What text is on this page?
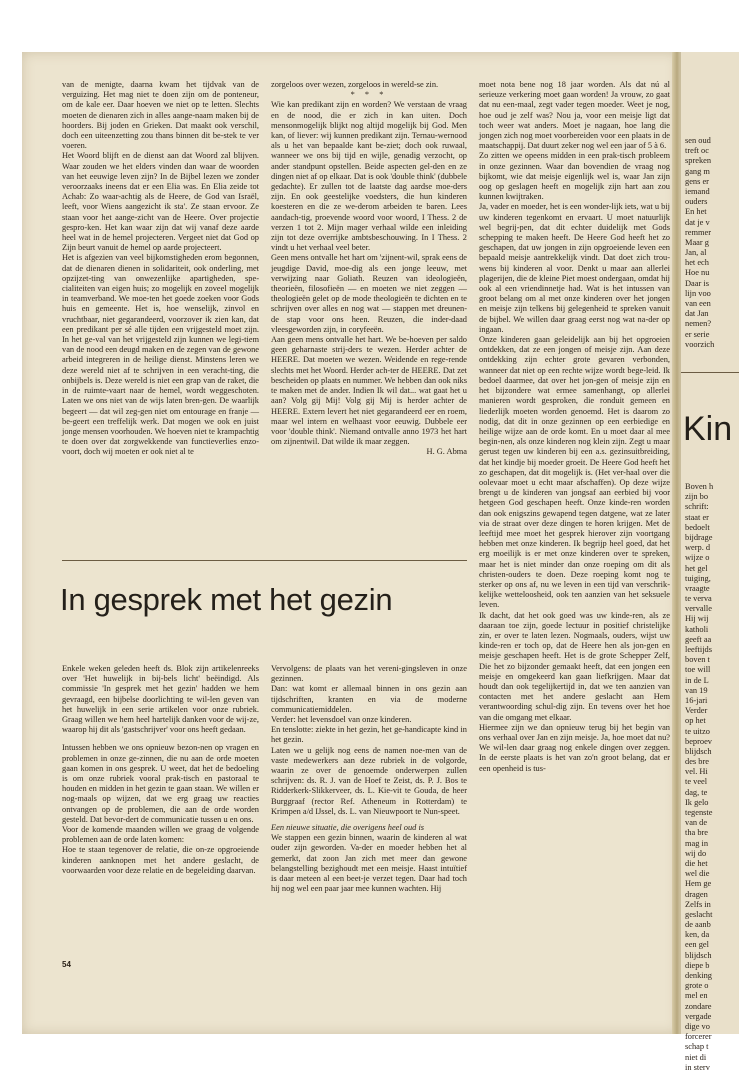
van de menigte, daarna kwam het tijdvak van de verguizing. Het mag niet te doen zijn om de ponteneur, om de kale eer. Daar hoeven we niet op te letten. Slechts moeten de dienaren zich in alles aange-naam maken bij de hoorders. Bij joden en Grieken. Dat maakt ook verschil, doch een uiteenzetting zou thans binnen dit be-stek te ver voeren.

Het Woord blijft en de dienst aan dat Woord zal blijven. Waar zouden we het elders vinden dan waar de woorden van het eeuwige leven zijn? In de Bijbel lezen we zonder veroorzaaks ineens dat er een Elia was. En Elia zeide tot Achab: Zo waar-achtig als de Heere, de God van Israël, leeft, voor Wiens aangezicht ik sta'. Ze staan ervoor. Ze staan voor het aange-zicht van de Heere. Over projectie gespro-ken. Het kan waar zijn dat wij vanaf deze aarde heel wat in de hemel projecteren. Vergeet niet dat God op Zijn beurt vanuit de hemel op aarde projecteert.

Het is afgezien van veel bijkomstigheden erom begonnen, dat de dienaren dienen in solidariteit, ook onderling, met opzijzet-ting van onwezenlijke apartigheden, spe-cialiteiten van eigen huis; zo mogelijk en zoveel mogelijk in teamverband. We moe-ten het goede zoeken voor Gods huis en gemeente. Het is, hoe wenselijk, zinvol en vruchtbaar, niet gegarandeerd, voorzover ik zien kan, dat een predikant per sé alle tijden een vrijgesteld moet zijn. In het ge-val van het vrijgesteld zijn kunnen we legi-tiem van de nood een deugd maken en de zegen van de gewone arbeid integreren in de heilige dienst. Minstens leren we deze wereld niet af te schrijven in een veracht-ting, die onbijbels is. Deze wereld is niet een grap van de raket, die in de ruimte-vaart naar de hemel, wordt weggeschoten. Laten we ons niet van de wijs laten bren-gen. De waarlijk begeert — dat wil zeg-gen niet om entourage en franje — be-geert een treffelijk werk. Dat mogen we ook en juist jonge mensen voorhouden. We hoeven niet te krampachtig te doen over dat zorgwekkende van functieverlies enzo-voort, doch wij moeten er ook niet al te

zorgeloos over wezen, zorgeloos in wereld-se zin.

* * *

Wie kan predikant zijn en worden? We verstaan de vraag en de nood, die er zich in kan uiten. Doch mensonmogelijk blijkt nog altijd mogelijk bij God. Men kan, of liever: wij kunnen predikant zijn. Ternau-wernood als u het van bepaalde kant be-ziet; doch ook ruwaal, wanneer we ons bij tijd en wijle, genadig verzocht, op ander standpunt opstellen. Beide aspecten gel-den en ze dingen niet af op elkaar. Dat is ook 'double think' (dubbele gedachte). Er zullen tot de laatste dag aardse moe-ders zijn. En ook geestelijke voedsters, die hun kinderen koesteren en die ze we-derom arbeiden te baren. Lees aandach-tig, proevende woord voor woord, I Thess. 2 de verzen 1 tot 2. Mijn mager verhaal wilde een inleiding zijn tot deze overrijke ambtsbeschouwing. In I Thess. 2 vindt u het verhaal veel beter.

Geen mens ontvalle het hart om 'zijnent-wil, sprak eens de jeugdige David, moe-dig als een jonge leeuw, met verwijzing naar Goliath. Reuzen van ideologieën, theorieën, filosofieën — en moeten we niet zeggen — theologieën gelet op de mode theologieën te dichten en te schrijven over alles en nog wat — stappen met dreunen-de stap voor ons heen. Reuzen, die inder-daad vleesgeworden zijn, in coryfeeën.

Aan geen mens ontvalle het hart. We be-hoeven per saldo geen geharnaste strij-ders te wezen. Herder achter de HEERE. Dat moeten we wezen. Weidende en rege-rende slechts met het Woord. Herder ach-ter de HEERE. Dat zet bescheiden op plaats en nummer. We hebben dan ook niks te maken met de ander. Indien Ik wil dat... wat gaat het u aan? Volg gij Mij! Volg gij Mij is herder achter de HEERE. Extern levert het niet gegarandeerd eer en roem, maar wel intern en welhaast voor eeuwig. Dubbele eer voor 'double think'. Niemand ontvalle anno 1973 het hart om zijnentwil. Dat wilde ik maar zeggen.

H. G. Abma

In gesprek met het gezin

Enkele weken geleden heeft ds. Blok zijn artikelenreeks over 'Het huwelijk in bij-bels licht' beëindigd. Als commissie 'In gesprek met het gezin' hadden we hem gevraagd, een bijbelse doorlichting te wil-len geven van het huwelijk in een serie artikelen voor onze rubriek. Graag willen we hem heel hartelijk danken voor de wij-ze, waarop hij dit als 'gastschrijver' voor ons heeft gedaan.

Intussen hebben we ons opnieuw bezon-nen op vragen en problemen in onze ge-zinnen, die nu aan de orde moeten gaan komen in ons gesprek. U weet, dat het de bedoeling is om onze rubriek vooral prak-tisch en pastoraal te houden en midden in het gezin te gaan staan. We willen er nog-maals op wijzen, dat we erg graag uw reacties ontvangen op de problemen, die aan de orde worden gesteld. Dat bevor-dert de communicatie tussen u en ons.

Voor de komende maanden willen we graag de volgende problemen aan de orde laten komen:

Hoe te staan tegenover de relatie, die on-ze opgroeiende kinderen aanknopen met het andere geslacht, de voorwaarden voor deze relatie en de begeleiding daarvan.

Vervolgens: de plaats van het vereni-gingsleven in onze gezinnen.

Dan: wat komt er allemaal binnen in ons gezin aan tijdschriften, kranten en via de moderne communicatiemiddelen.

Verder: het levensdoel van onze kinderen.

En tenslotte: ziekte in het gezin, het ge-handicapte kind in het gezin.

Laten we u gelijk nog eens de namen noe-men van de vaste medewerkers aan deze rubriek in de volgorde, waarin ze over de genoemde onderwerpen zullen schrijven: ds. R. J. van de Hoef te Zeist, ds. P. J. Bos te Ridderkerk-Slikkerveer, ds. L. Kie-vit te Gouda, de heer Burggraaf (rector Ref. Atheneum in Rotterdam) te Krimpen a/d IJssel, ds. L. van Nieuwpoort te Nun-speet.

Een nieuwe situatie, die overigens heel oud is

We stappen een gezin binnen, waarin de kinderen al wat ouder zijn geworden. Va-der en moeder hebben het al gemerkt, dat zoon Jan zich met meer dan gewone belangstelling bezighoudt met een meisje. Haast intuïtief is daar meteen al een beet-je verzet tegen. Daar had toch hij nog wel een paar jaar mee kunnen wachten. Hij

moet nota bene nog 18 jaar worden. Als dat nú al serieuze verkering moet gaan worden! Ja vrouw, zo gaat dat nu een-maal, zegt vader tegen moeder. Weet je nog, hoe oud je zelf was? Nou ja, voor een meisje ligt dat toch weer wat anders. Moet je nagaan, hoe lang die jongen zich nog moet voorbereiden voor een plaats in de maatschappij. Dat duurt zeker nog wel een jaar of 5 à 6.

Zo zitten we opeens midden in een prak-tisch probleem in onze gezinnen. Waar dan bovendien de vraag nog bijkomt, wie dat meisje eigenlijk wel is, waar Jan zijn oog op geslagen heeft en mogelijk zijn hart aan zou kunnen kwijtraken.

Ja, vader en moeder, het is een wonder-lijk iets, wat u bij uw kinderen tegenkomt en ervaart. U moet natuurlijk wel begrij-pen, dat dit echter duidelijk met Gods schepping te maken heeft. De Heere God heeft het zo geschapen, dat uw jongen in zijn opgroeiende leven een bepaald meisje aantrekkelijk vindt. Dat doet zich trou-wens bij kinderen al voor. Denkt u maar aan allerlei plagerijen, die de kleine Piet moest ondergaan, omdat hij ook al een vriendinnetje had. Wat is het intussen van groot belang om al met onze kinderen over het jongen en meisje zijn telkens bij gelegenheid te spreken vanuit de bijbel. We willen daar graag eerst nog wat na-der op ingaan.

Onze kinderen gaan geleidelijk aan bij het opgroeien ontdekken, dat ze een jongen of meisje zijn. Aan deze ontdekking zijn echter grote gevaren verbonden, wanneer dat niet op een rechte wijze wordt bege-leid. Ik bedoel daarmee, dat over het jon-gen of meisje zijn en het bijzondere wat ermee samenhangt, op allerlei manieren wordt gesproken, die ronduit gemeen en liederlijk moeten worden genoemd. Het is daarom zo nodig, dat dit in onze gezinnen op een eerbiedige en heilige wijze aan de orde komt. En u moet daar al mee begin-nen, als onze kinderen nog klein zijn. Zegt u maar gerust tegen uw kinderen bij een a.s. gezinsuitbreiding, dat het kindje bij moeder groeit. De Heere God heeft het zo geschapen, dat dit mogelijk is. (Het ver-haal over die oolevaar moet u echt maar afschaffen). Op deze wijze brengt u de kinderen van jongsaf aan eerbied bij voor hetgeen God geschapen heeft. Onze kinde-ren worden dan ook enigszins gewapend tegen datgene, wat ze later via de straat over deze dingen te horen krijgen. Met de leeftijd mee moet het gesprek hierover zijn voortgang hebben met onze kinderen. Ik begrijp heel goed, dat het erg moeilijk is er met onze kinderen over te spreken, maar het is niet minder dan onze roeping om dit als christen-ouders te doen. Deze roeping komt nog te sterker op ons af, nu we leven in een tijd van verschrik-kelijke wetteloosheid, ook ten aanzien van het seksuele leven.

Ik dacht, dat het ook goed was uw kinde-ren, als ze daaraan toe zijn, goede lectuur in positief christelijke zin, er over te laten lezen. Nogmaals, ouders, wijst uw kinde-ren er toch op, dat de Heere hen als jon-gen en meisje geschapen heeft. Het is de grote Schepper Zelf, Die het zo bijzonder gemaakt heeft, dat een jongen een meisje en omgekeerd kan gaan liefkrijgen. Maar dat houdt dan ook tegelijkertijd in, dat we ten aanzien van contacten met het andere geslacht aan Hem verantwoording schul-dig zijn. En tevens over het hoe van die omgang met elkaar.

Hiermee zijn we dan opnieuw terug bij het begin van ons verhaal over Jan en zijn meisje. Ja, hoe moet dat nu? We wil-len daar graag nog enkele dingen over zeggen. In de eerste plaats is het van zo'n groot belang, dat er een openheid is tus-

54
sen oud
treft oc
spreken
gang m
gens er
iemand
ouders
En het
dat je v
remmer
Maar g
Jan, al
het ech
Hoe nu
Daar is
lijn voo
van een
dat Jan
nemen?
er serie
voorzich
Kin
Boven h
zijn bo
schrift:
staat er
bedoelt
bijdrage
werp. d
wijze o
het gel
tuiging,
vraagte
te verva
vervalle
Hij wij
katholi
geeft aa
leeftijds
boven t
toe will
in de L
van 19
16-jari
Verder
op het
te uitzo
beproev
blijdsch
des bre
vel. Hi
te veel
dag, te
Ik gelo
tegenste
van de
tha bre
mag in
wij do
die het
wel die
Hem ge
dragen
Zelfs in
geslacht
de aanb
ken, da
een gel
blijdsch
diepe b
denking
grote o
mel en
zondare
vergade
dige vo
forcerer
schap t
niet di
in sterv
